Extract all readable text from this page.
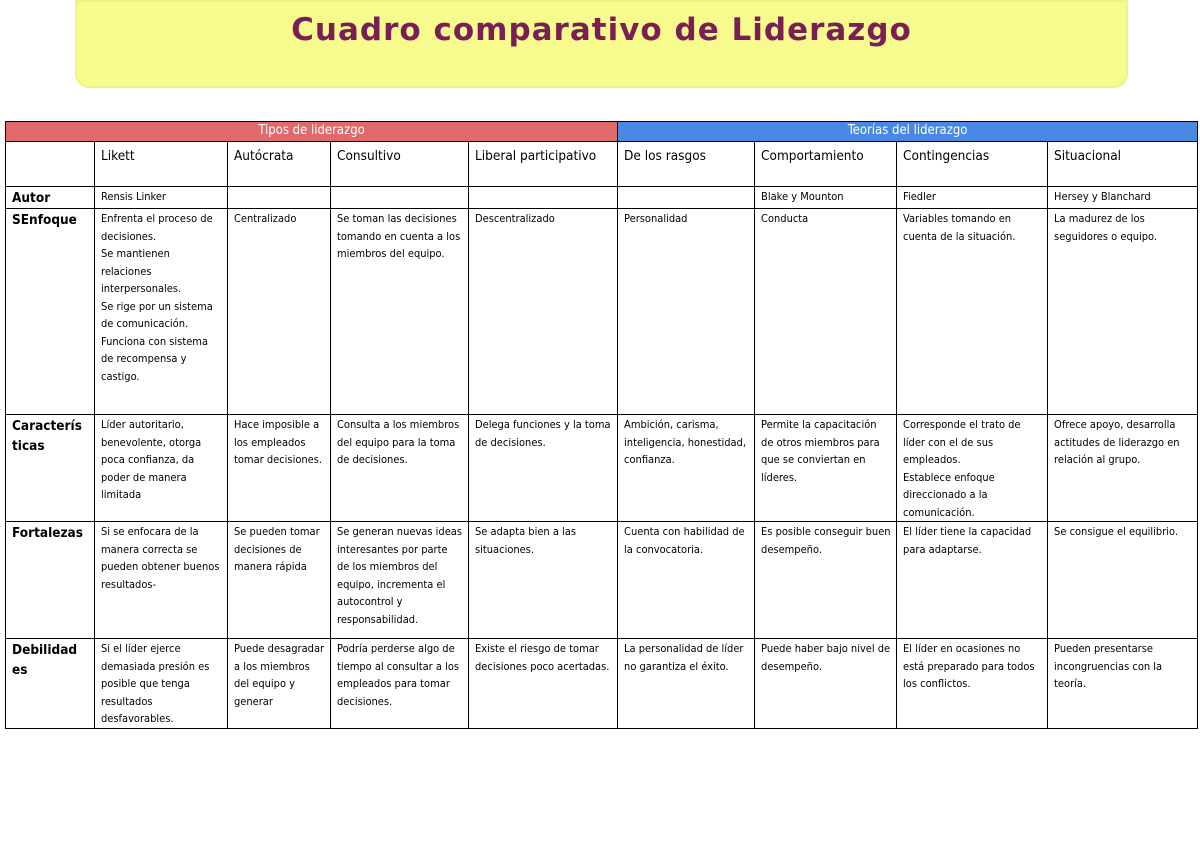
Cuadro comparativo de Liderazgo
Tipos de liderazgo					Teorías del liderazgo			
	Likett	Autócrata	Consultivo	Liberal participativo	De los rasgos	Comportamiento	Contingencias	Situacional
Autor	Rensis Linker					Blake y Mounton	Fiedler	Hersey y Blanchard
SEnfoque	Enfrenta el proceso de decisiones.
Se mantienen relaciones interpersonales.
Se rige por un sistema de comunicación.
Funciona con sistema de recompensa y castigo.	Centralizado	Se toman las decisiones tomando en cuenta a los miembros del equipo.	Descentralizado	Personalidad	Conducta	Variables tomando en cuenta de la situación.	La madurez de los seguidores o equipo.
Caracterís ticas	Líder autoritario, benevolente, otorga poca confianza, da poder de manera limitada	Hace imposible a los empleados tomar decisiones.	Consulta a los miembros del equipo para la toma de decisiones.	Delega funciones y la toma de decisiones.	Ambición, carisma, inteligencia, honestidad, confianza.	Permite la capacitación de otros miembros para que se conviertan en líderes.	Corresponde el trato de líder con el de sus empleados.
Establece enfoque direccionado a la comunicación.	Ofrece apoyo, desarrolla actitudes de liderazgo en relación al grupo.
Fortalezas	Si se enfocara de la manera correcta se pueden obtener buenos resultados-	Se pueden tomar decisiones de manera rápida	Se generan nuevas ideas interesantes por parte de los miembros del equipo, incrementa el autocontrol y responsabilidad.	Se adapta bien a las situaciones.	Cuenta con habilidad de la convocatoria.	Es posible conseguir buen desempeño.	El líder tiene la capacidad para adaptarse.	Se consigue el equilibrio.
Debilidad es	Si el líder ejerce demasiada presión es posible que tenga resultados desfavorables.	Puede desagradar a los miembros del equipo y generar	Podría perderse algo de tiempo al consultar a los empleados para tomar decisiones.	Existe el riesgo de tomar decisiones poco acertadas.	La personalidad de líder no garantiza el éxito.	Puede haber bajo nivel de desempeño.	El líder en ocasiones no está preparado para todos los conflictos.	Pueden presentarse incongruencias con la teoría.
